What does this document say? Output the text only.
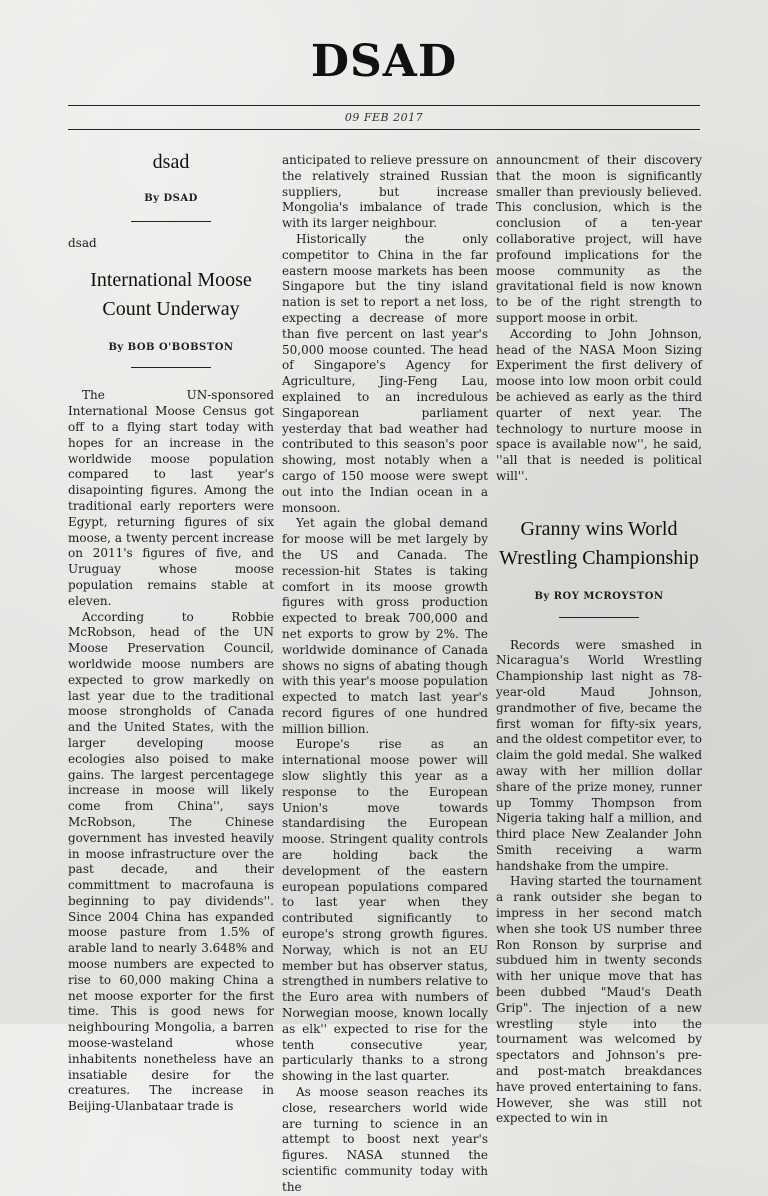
DSAD
09 FEB 2017
dsad
By DSAD

dsad

International Moose Count Underway
By BOB O'BOBSTON

The UN-sponsored International Moose Census got off to a flying start today with hopes for an increase in the worldwide moose population compared to last year's disapointing figures. Among the traditional early reporters were Egypt, returning figures of six moose, a twenty percent increase on 2011's figures of five, and Uruguay whose moose population remains stable at eleven.

According to Robbie McRobson, head of the UN Moose Preservation Council, worldwide moose numbers are expected to grow markedly on last year due to the traditional moose strongholds of Canada and the United States, with the larger developing moose ecologies also poised to make gains. The largest percentagege increase in moose will likely come from China'', says McRobson, The Chinese government has invested heavily in moose infrastructure over the past decade, and their committment to macrofauna is beginning to pay dividends''. Since 2004 China has expanded moose pasture from 1.5% of arable land to nearly 3.648% and moose numbers are expected to rise to 60,000 making China a net moose exporter for the first time. This is good news for neighbouring Mongolia, a barren moose-wasteland whose inhabitents nonetheless have an insatiable desire for the creatures. The increase in Beijing-Ulanbataar trade is

anticipated to relieve pressure on the relatively strained Russian suppliers, but increase Mongolia's imbalance of trade with its larger neighbour.

Historically the only competitor to China in the far eastern moose markets has been Singapore but the tiny island nation is set to report a net loss, expecting a decrease of more than five percent on last year's 50,000 moose counted. The head of Singapore's Agency for Agriculture, Jing-Feng Lau, explained to an incredulous Singaporean parliament yesterday that bad weather had contributed to this season's poor showing, most notably when a cargo of 150 moose were swept out into the Indian ocean in a monsoon.

Yet again the global demand for moose will be met largely by the US and Canada. The recession-hit States is taking comfort in its moose growth figures with gross production expected to break 700,000 and net exports to grow by 2%. The worldwide dominance of Canada shows no signs of abating though with this year's moose population expected to match last year's record figures of one hundred million billion.

Europe's rise as an international moose power will slow slightly this year as a response to the European Union's move towards standardising the European moose. Stringent quality controls are holding back the development of the eastern european populations compared to last year when they contributed significantly to europe's strong growth figures. Norway, which is not an EU member but has observer status, strengthed in numbers relative to the Euro area with numbers of Norwegian moose, known locally as elk'' expected to rise for the tenth consecutive year, particularly thanks to a strong showing in the last quarter.

As moose season reaches its close, researchers world wide are turning to science in an attempt to boost next year's figures. NASA stunned the scientific community today with the

announcment of their discovery that the moon is significantly smaller than previously believed. This conclusion, which is the conclusion of a ten-year collaborative project, will have profound implications for the moose community as the gravitational field is now known to be of the right strength to support moose in orbit.

According to John Johnson, head of the NASA Moon Sizing Experiment the first delivery of moose into low moon orbit could be achieved as early as the third quarter of next year. The technology to nurture moose in space is available now'', he said, ''all that is needed is political will''.

Granny wins World Wrestling Championship
By ROY MCROYSTON

Records were smashed in Nicaragua's World Wrestling Championship last night as 78-year-old Maud Johnson, grandmother of five, became the first woman for fifty-six years, and the oldest competitor ever, to claim the gold medal. She walked away with her million dollar share of the prize money, runner up Tommy Thompson from Nigeria taking half a million, and third place New Zealander John Smith receiving a warm handshake from the umpire.

Having started the tournament a rank outsider she began to impress in her second match when she took US number three Ron Ronson by surprise and subdued him in twenty seconds with her unique move that has been dubbed "Maud's Death Grip". The injection of a new wrestling style into the tournament was welcomed by spectators and Johnson's pre- and post-match breakdances have proved entertaining to fans. However, she was still not expected to win in
